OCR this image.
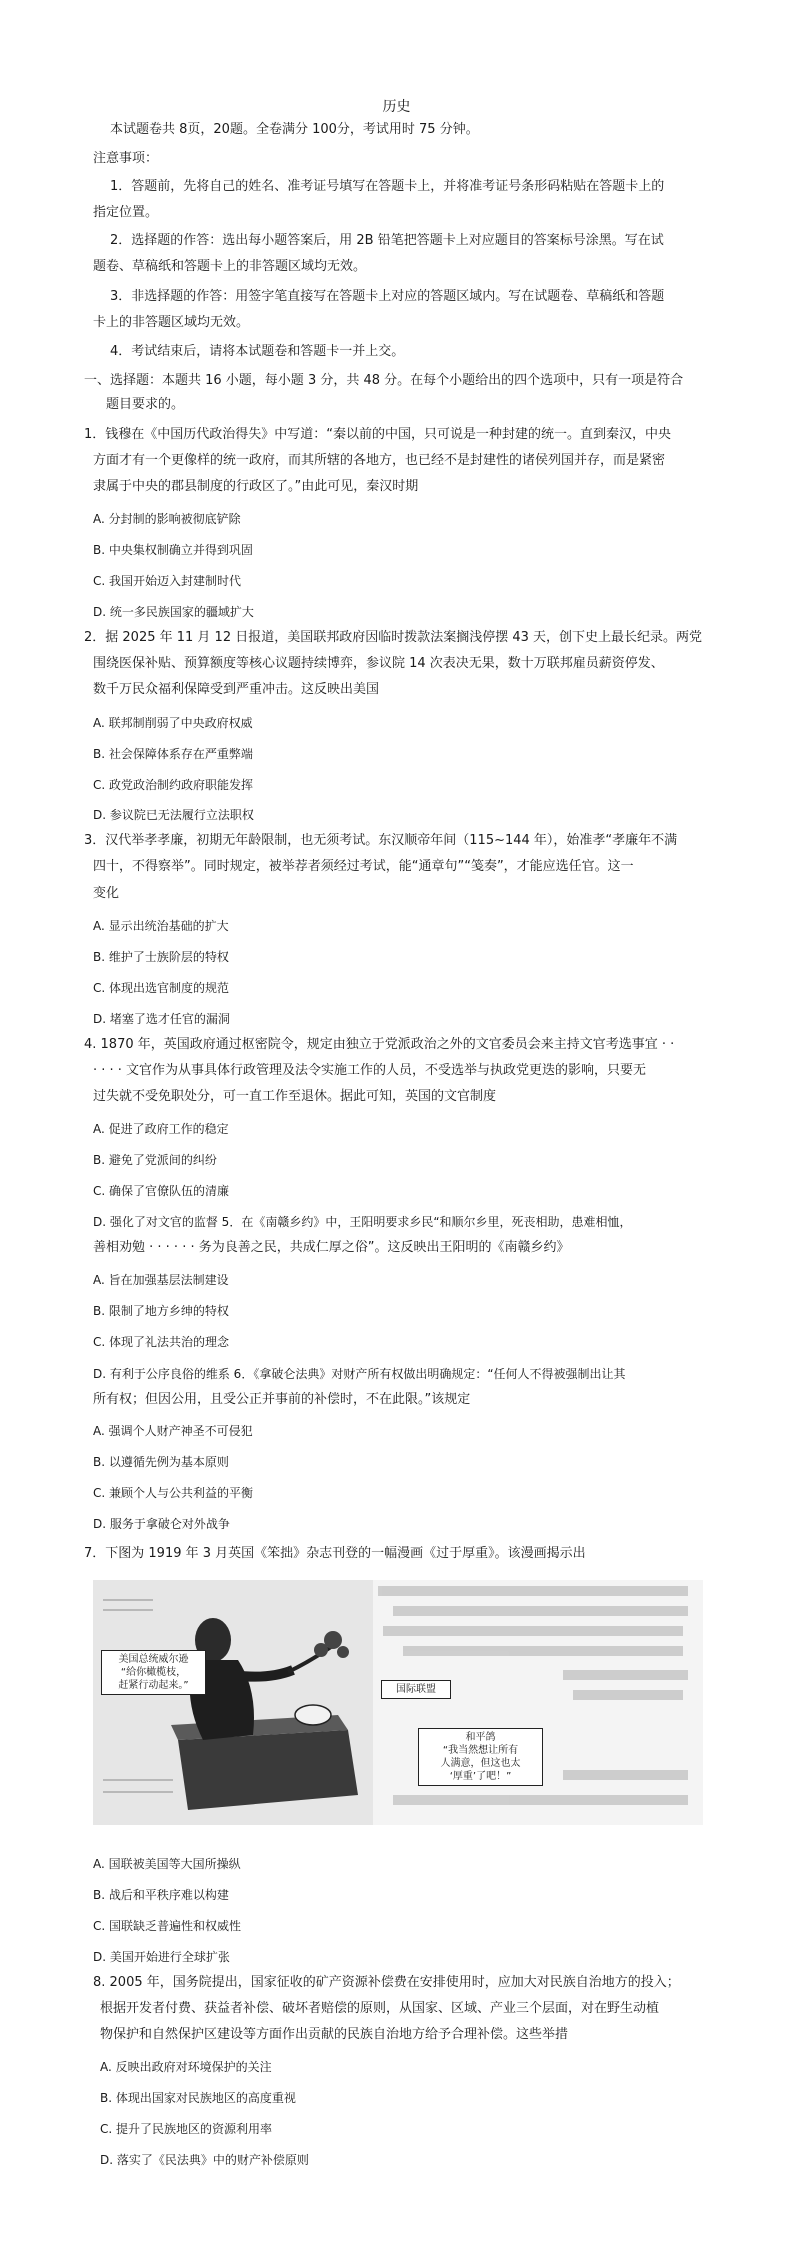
历史
本试题卷共 8页，20题。全卷满分 100分，考试用时 75 分钟。
注意事项：
1．答题前，先将自己的姓名、准考证号填写在答题卡上，并将准考证号条形码粘贴在答题卡上的
指定位置。
2．选择题的作答：选出每小题答案后，用 2B 铅笔把答题卡上对应题目的答案标号涂黑。写在试
题卷、草稿纸和答题卡上的非答题区域均无效。
3．非选择题的作答：用签字笔直接写在答题卡上对应的答题区域内。写在试题卷、草稿纸和答题
卡上的非答题区域均无效。
4．考试结束后，请将本试题卷和答题卡一并上交。
一、选择题：本题共 16 小题，每小题 3 分，共 48 分。在每个小题给出的四个选项中，只有一项是符合
题目要求的。
1．钱穆在《中国历代政治得失》中写道：“秦以前的中国，只可说是一种封建的统一。直到秦汉，中央
方面才有一个更像样的统一政府，而其所辖的各地方，也已经不是封建性的诸侯列国并存，而是紧密
隶属于中央的郡县制度的行政区了。”由此可见，秦汉时期
A. 分封制的影响被彻底铲除
B. 中央集权制确立并得到巩固
C. 我国开始迈入封建制时代
D. 统一多民族国家的疆域扩大
2．据 2025 年 11 月 12 日报道，美国联邦政府因临时拨款法案搁浅停摆 43 天，创下史上最长纪录。两党
围绕医保补贴、预算额度等核心议题持续博弈，参议院 14 次表决无果，数十万联邦雇员薪资停发、
数千万民众福利保障受到严重冲击。这反映出美国
A. 联邦制削弱了中央政府权威
B. 社会保障体系存在严重弊端
C. 政党政治制约政府职能发挥
D. 参议院已无法履行立法职权
3．汉代举孝孝廉，初期无年龄限制，也无须考试。东汉顺帝年间（115~144 年），始准孝“孝廉年不满
四十，不得察举”。同时规定，被举荐者须经过考试，能“通章句”“笺奏”，才能应选任官。这一
变化
A. 显示出统治基础的扩大
B. 维护了士族阶层的特权
C. 体现出选官制度的规范
D. 堵塞了选才任官的漏洞
4. 1870 年，英国政府通过枢密院令，规定由独立于党派政治之外的文官委员会来主持文官考选事宜 · ·
· · · · 文官作为从事具体行政管理及法令实施工作的人员，不受选举与执政党更迭的影响，只要无
过失就不受免职处分，可一直工作至退休。据此可知，英国的文官制度
A. 促进了政府工作的稳定
B. 避免了党派间的纠纷
C. 确保了官僚队伍的清廉
D. 强化了对文官的监督 5．在《南赣乡约》中，王阳明要求乡民“和顺尔乡里，死丧相助，患难相恤，
善相劝勉 · · · · · · 务为良善之民，共成仁厚之俗”。这反映出王阳明的《南赣乡约》
A. 旨在加强基层法制建设
B. 限制了地方乡绅的特权
C. 体现了礼法共治的理念
D. 有利于公序良俗的维系 6．《拿破仑法典》对财产所有权做出明确规定：“任何人不得被强制出让其
所有权；但因公用，且受公正并事前的补偿时，不在此限。”该规定
A. 强调个人财产神圣不可侵犯
B. 以遵循先例为基本原则
C. 兼顾个人与公共利益的平衡
D. 服务于拿破仑对外战争
7．下图为 1919 年 3 月英国《笨拙》杂志刊登的一幅漫画《过于厚重》。该漫画揭示出
美国总统威尔逊
“给你橄榄枝，
赶紧行动起来。”	国际联盟
和平鸽
“我当然想让所有
人满意，但这也太
‘厚重’了吧！”
A. 国联被美国等大国所操纵
B. 战后和平秩序难以构建
C. 国联缺乏普遍性和权威性
D. 美国开始进行全球扩张
8. 2005 年，国务院提出，国家征收的矿产资源补偿费在安排使用时，应加大对民族自治地方的投入；
根据开发者付费、获益者补偿、破坏者赔偿的原则，从国家、区域、产业三个层面，对在野生动植
物保护和自然保护区建设等方面作出贡献的民族自治地方给予合理补偿。这些举措
A. 反映出政府对环境保护的关注
B. 体现出国家对民族地区的高度重视
C. 提升了民族地区的资源利用率
D. 落实了《民法典》中的财产补偿原则
